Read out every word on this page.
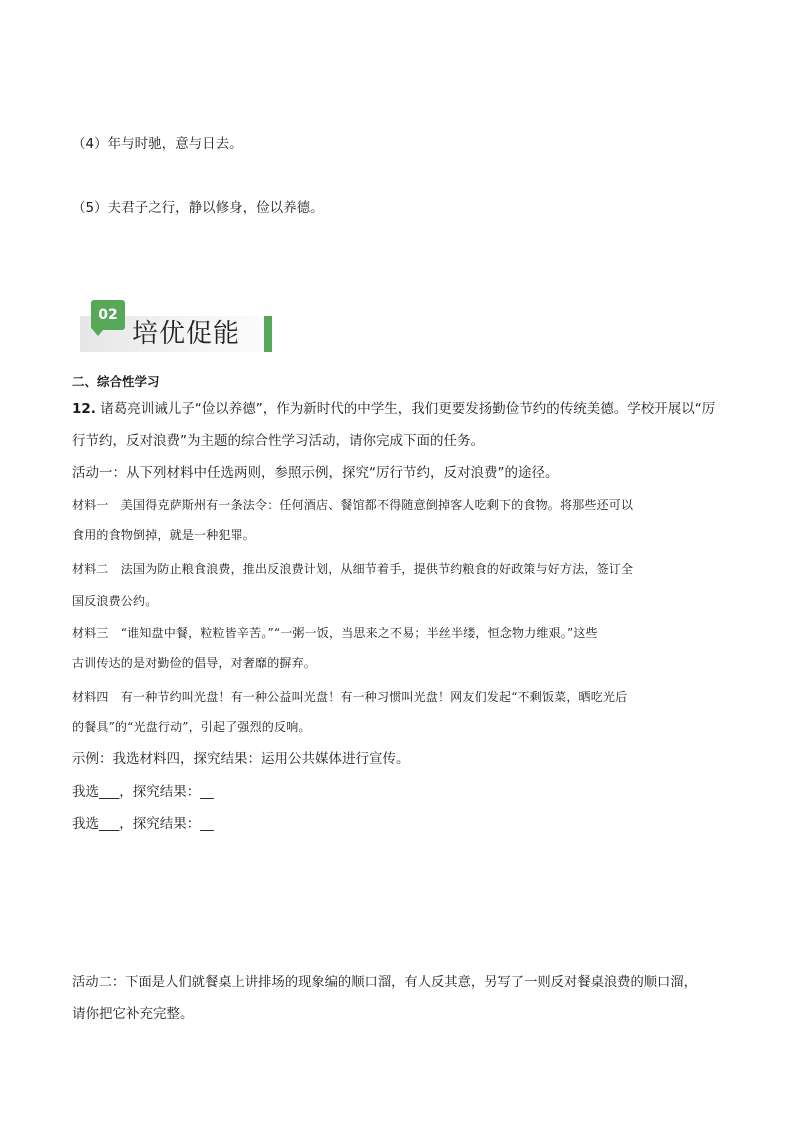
（4）年与时驰，意与日去。
（5）夫君子之行，静以修身，俭以养德。
02
培优促能
二、综合性学习
12. 诸葛亮训诫儿子“俭以养德”，作为新时代的中学生，我们更要发扬勤俭节约的传统美德。学校开展以“厉
行节约，反对浪费”为主题的综合性学习活动，请你完成下面的任务。
活动一：从下列材料中任选两则，参照示例，探究“厉行节约，反对浪费”的途径。
材料一　美国得克萨斯州有一条法令：任何酒店、餐馆都不得随意倒掉客人吃剩下的食物。将那些还可以
食用的食物倒掉，就是一种犯罪。
材料二　法国为防止粮食浪费，推出反浪费计划，从细节着手，提供节约粮食的好政策与好方法，签订全
国反浪费公约。
材料三　“谁知盘中餐，粒粒皆辛苦。”“一粥一饭，当思来之不易；半丝半缕，恒念物力维艰。”这些
古训传达的是对勤俭的倡导，对奢靡的摒弃。
材料四　有一种节约叫光盘！有一种公益叫光盘！有一种习惯叫光盘！网友们发起“不剩饭菜，晒吃光后
的餐具”的“光盘行动”，引起了强烈的反响。
示例：我选材料四，探究结果：运用公共媒体进行宣传。
我选___，探究结果：__
我选___，探究结果：__
活动二：下面是人们就餐桌上讲排场的现象编的顺口溜，有人反其意，另写了一则反对餐桌浪费的顺口溜，
请你把它补充完整。
